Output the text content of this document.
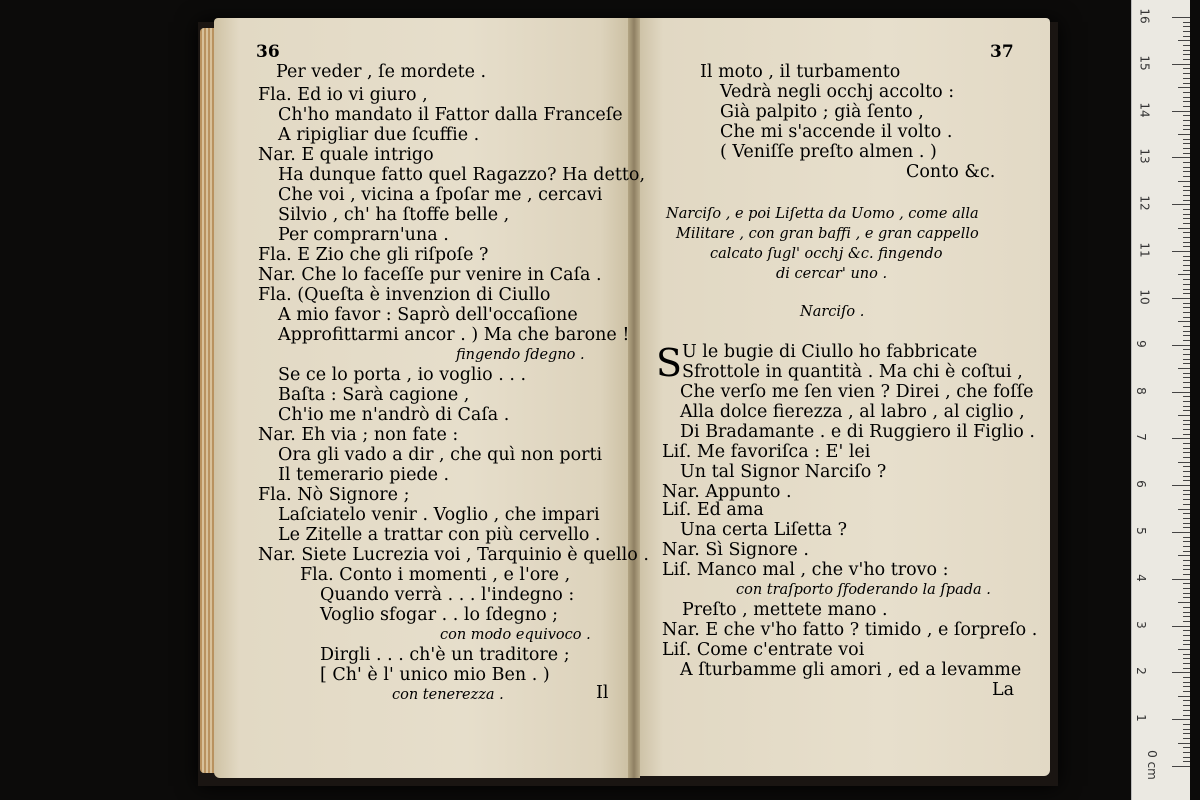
36	37
Per veder , ſe mordete .
Fla. Ed io vi giuro ,
Ch'ho mandato il Fattor dalla Franceſe
A ripigliar due ſcuffie .
Nar. E quale intrigo
Ha dunque fatto quel Ragazzo? Ha detto,
Che voi , vicina a ſpoſar me , cercavi
Silvio , ch' ha ſtoffe belle ,
Per comprarn'una .
Fla. E Zio che gli riſpoſe ?
Nar. Che lo faceſſe pur venire in Caſa .
Fla. (Queſta è invenzion di Ciullo
A mio favor : Saprò dell'occaſione
Approfittarmi ancor . ) Ma che barone !
fingendo ſdegno .
Se ce lo porta , io voglio . . .
Baſta : Sarà cagione ,
Ch'io me n'andrò di Caſa .
Nar. Eh via ; non fate :
Ora gli vado a dir , che quì non porti
Il temerario piede .
Fla. Nò Signore ;
Laſciatelo venir . Voglio , che impari
Le Zitelle a trattar con più cervello .
Nar. Siete Lucrezia voi , Tarquinio è quello .
Fla. Conto i momenti , e l'ore ,
Quando verrà . . . l'indegno :
Voglio sfogar . . lo ſdegno ;
con modo equivoco .
Dirgli . . . ch'è un traditore ;
[ Ch' è l' unico mio Ben . )
con tenerezza .	Il
Il moto , il turbamento
Vedrà negli occhj accolto :
Già palpito ; già ſento ,
Che mi s'accende il volto .
( Veniſſe preſto almen . )
Conto &c.
Narciſo , e poi Liſetta da Uomo , come alla
Militare , con gran baffi , e gran cappello
calcato ſugl' occhj &c. fingendo
di cercar' uno .
Narciſo .
U le bugie di Ciullo ho fabbricate
Sfrottole in quantità . Ma chi è coſtui ,
Che verſo me ſen vien ? Direi , che foſſe
Alla dolce fierezza , al labro , al ciglio ,
Di Bradamante . e di Ruggiero il Figlio .
Liſ. Me favoriſca : E' lei
Un tal Signor Narciſo ?
Nar. Appunto .
Liſ. Ed ama
Una certa Liſetta ?
Nar. Sì Signore .
Liſ. Manco mal , che v'ho trovo :
con traſporto ſfoderando la ſpada .
Preſto , mettete mano .
Nar. E che v'ho fatto ? timido , e ſorpreſo .
Liſ. Come c'entrate voi
A ſturbamme gli amori , ed a levamme
La
S
0 cm
1
2
3
4
5
6
7
8
9
10
11
12
13
14
15
16
